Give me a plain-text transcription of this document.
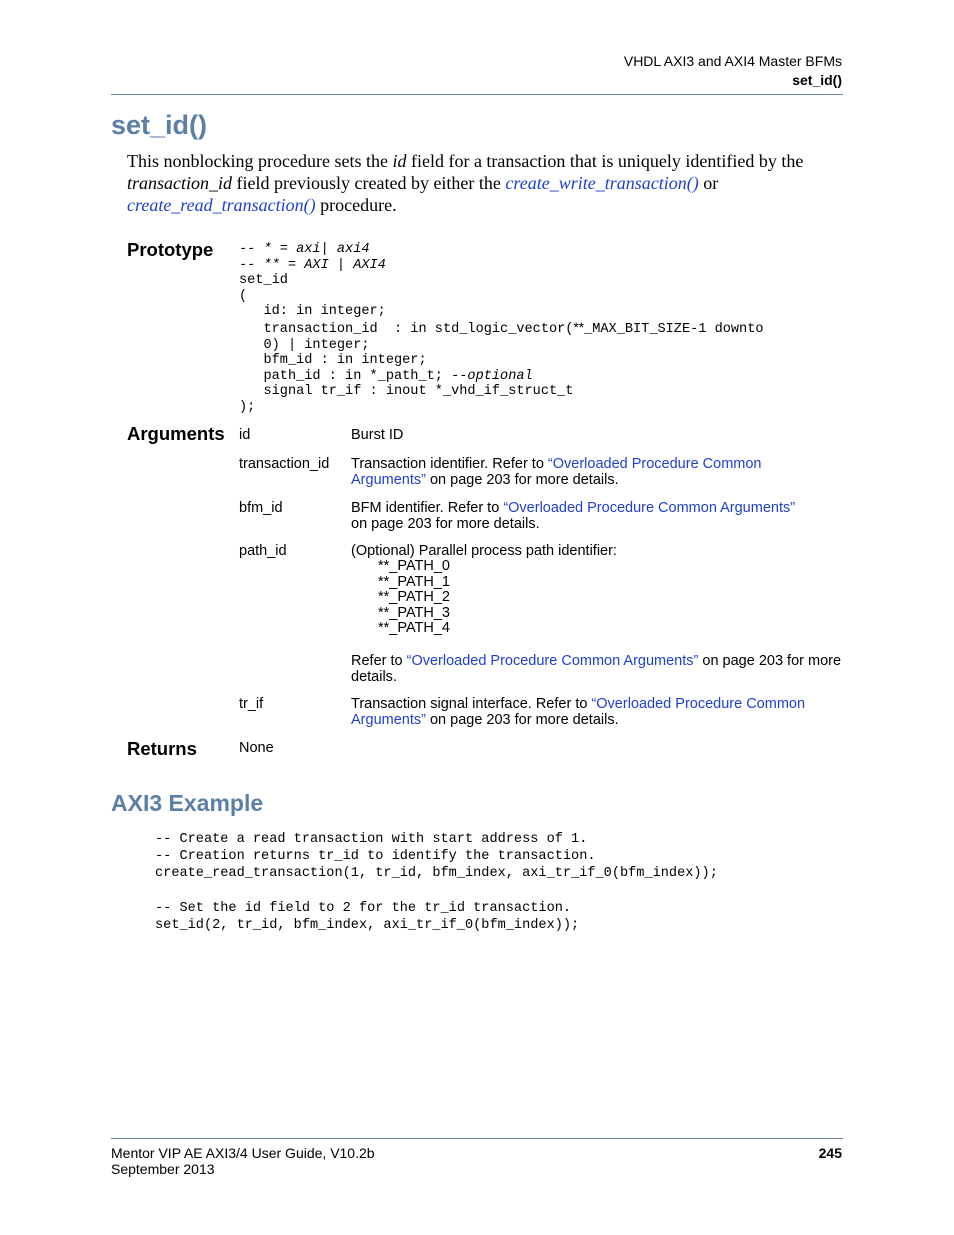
VHDL AXI3 and AXI4 Master BFMs
set_id()
set_id()
This nonblocking procedure sets the id field for a transaction that is uniquely identified by the transaction_id field previously created by either the create_write_transaction() or
create_read_transaction() procedure.
Prototype -- * = axi| axi4
-- ** = AXI | AXI4
set_id
(
id: in integer;
transaction_id  : in std_logic_vector(**_MAX_BIT_SIZE-1 downto
0) | integer;
bfm_id : in integer;
path_id : in *_path_t; --optional
signal tr_if : inout *_vhd_if_struct_t
);
Arguments id	Burst ID
transaction_id Transaction identifier. Refer to “Overloaded Procedure Common Arguments” on page 203 for more details.
bfm_id	BFM identifier. Refer to “Overloaded Procedure Common Arguments”
on page 203 for more details.
path_id	(Optional) Parallel process path identifier:

**_PATH_0
**_PATH_1
**_PATH_2
**_PATH_3
**_PATH_4

Refer to “Overloaded Procedure Common Arguments” on page 203 for more details.

tr_if	Transaction signal interface. Refer to “Overloaded Procedure Common Arguments” on page 203 for more details.
Returns	None
AXI3 Example
-- Create a read transaction with start address of 1.
-- Creation returns tr_id to identify the transaction.
create_read_transaction(1, tr_id, bfm_index, axi_tr_if_0(bfm_index));

-- Set the id field to 2 for the tr_id transaction.
set_id(2, tr_id, bfm_index, axi_tr_if_0(bfm_index));
Mentor VIP AE AXI3/4 User Guide, V10.2b
September 2013
245
